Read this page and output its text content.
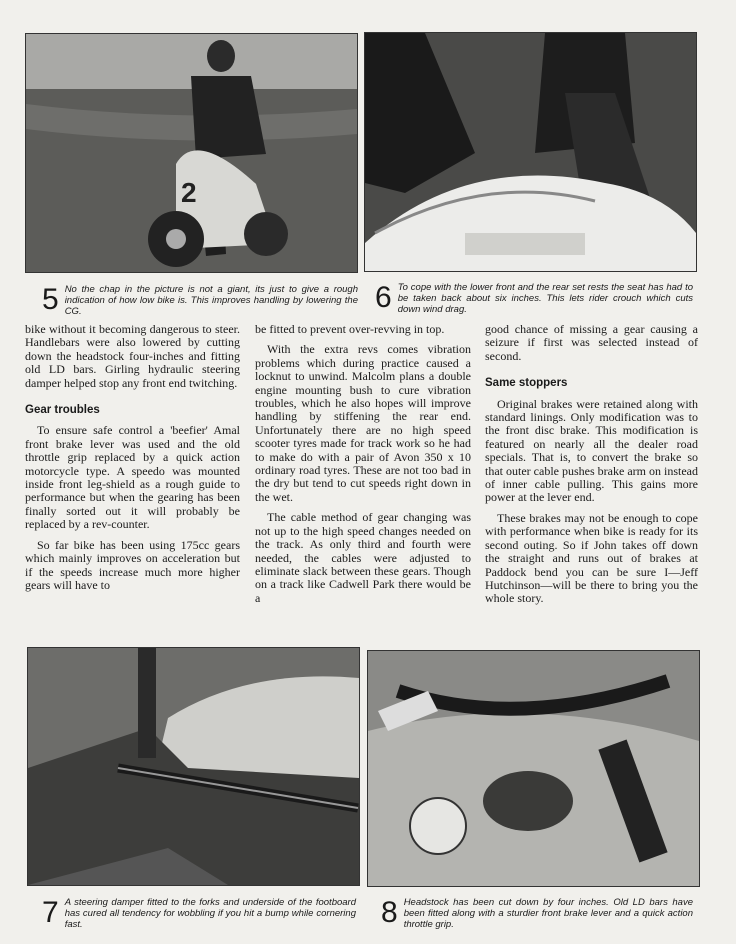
2
5 No the chap in the picture is not a giant, its just to give a rough indication of how low bike is. This improves handling by lowering the CG.	6 To cope with the lower front and the rear set rests the seat has had to be taken back about six inches. This lets rider crouch which cuts down wind drag.

bike without it becoming dangerous to steer. Handlebars were also lowered by cutting down the headstock four-inches and fitting old LD bars. Girling hydraulic steering damper helped stop any front end twitching.

Gear troubles

To ensure safe control a 'beefier' Amal front brake lever was used and the old throttle grip replaced by a quick action motorcycle type. A speedo was mounted inside front leg-shield as a rough guide to performance but when the gearing has been finally sorted out it will probably be replaced by a rev-counter.

So far bike has been using 175cc gears which mainly improves on acceleration but if the speeds increase much more higher gears will have to

be fitted to prevent over-revving in top.

With the extra revs comes vibration problems which during practice caused a locknut to unwind. Malcolm plans a double engine mounting bush to cure vibration troubles, which he also hopes will improve handling by stiffening the rear end. Unfortunately there are no high speed scooter tyres made for track work so he had to make do with a pair of Avon 350 x 10 ordinary road tyres. These are not too bad in the dry but tend to cut speeds right down in the wet.

The cable method of gear changing was not up to the high speed changes needed on the track. As only third and fourth were needed, the cables were adjusted to eliminate slack between these gears. Though on a track like Cadwell Park there would be a

good chance of missing a gear causing a seizure if first was selected instead of second.

Same stoppers

Original brakes were retained along with standard linings. Only modification was to the front disc brake. This modification is featured on nearly all the dealer road specials. That is, to convert the brake so that outer cable pushes brake arm on instead of inner cable pulling. This gains more power at the lever end.

These brakes may not be enough to cope with performance when bike is ready for its second outing. So if John takes off down the straight and runs out of brakes at Paddock bend you can be sure I—Jeff Hutchinson—will be there to bring you the whole story.

7 A steering damper fitted to the forks and underside of the footboard has cured all tendency for wobbling if you hit a bump while cornering fast.	8 Headstock has been cut down by four inches. Old LD bars have been fitted along with a sturdier front brake lever and a quick action throttle grip.
